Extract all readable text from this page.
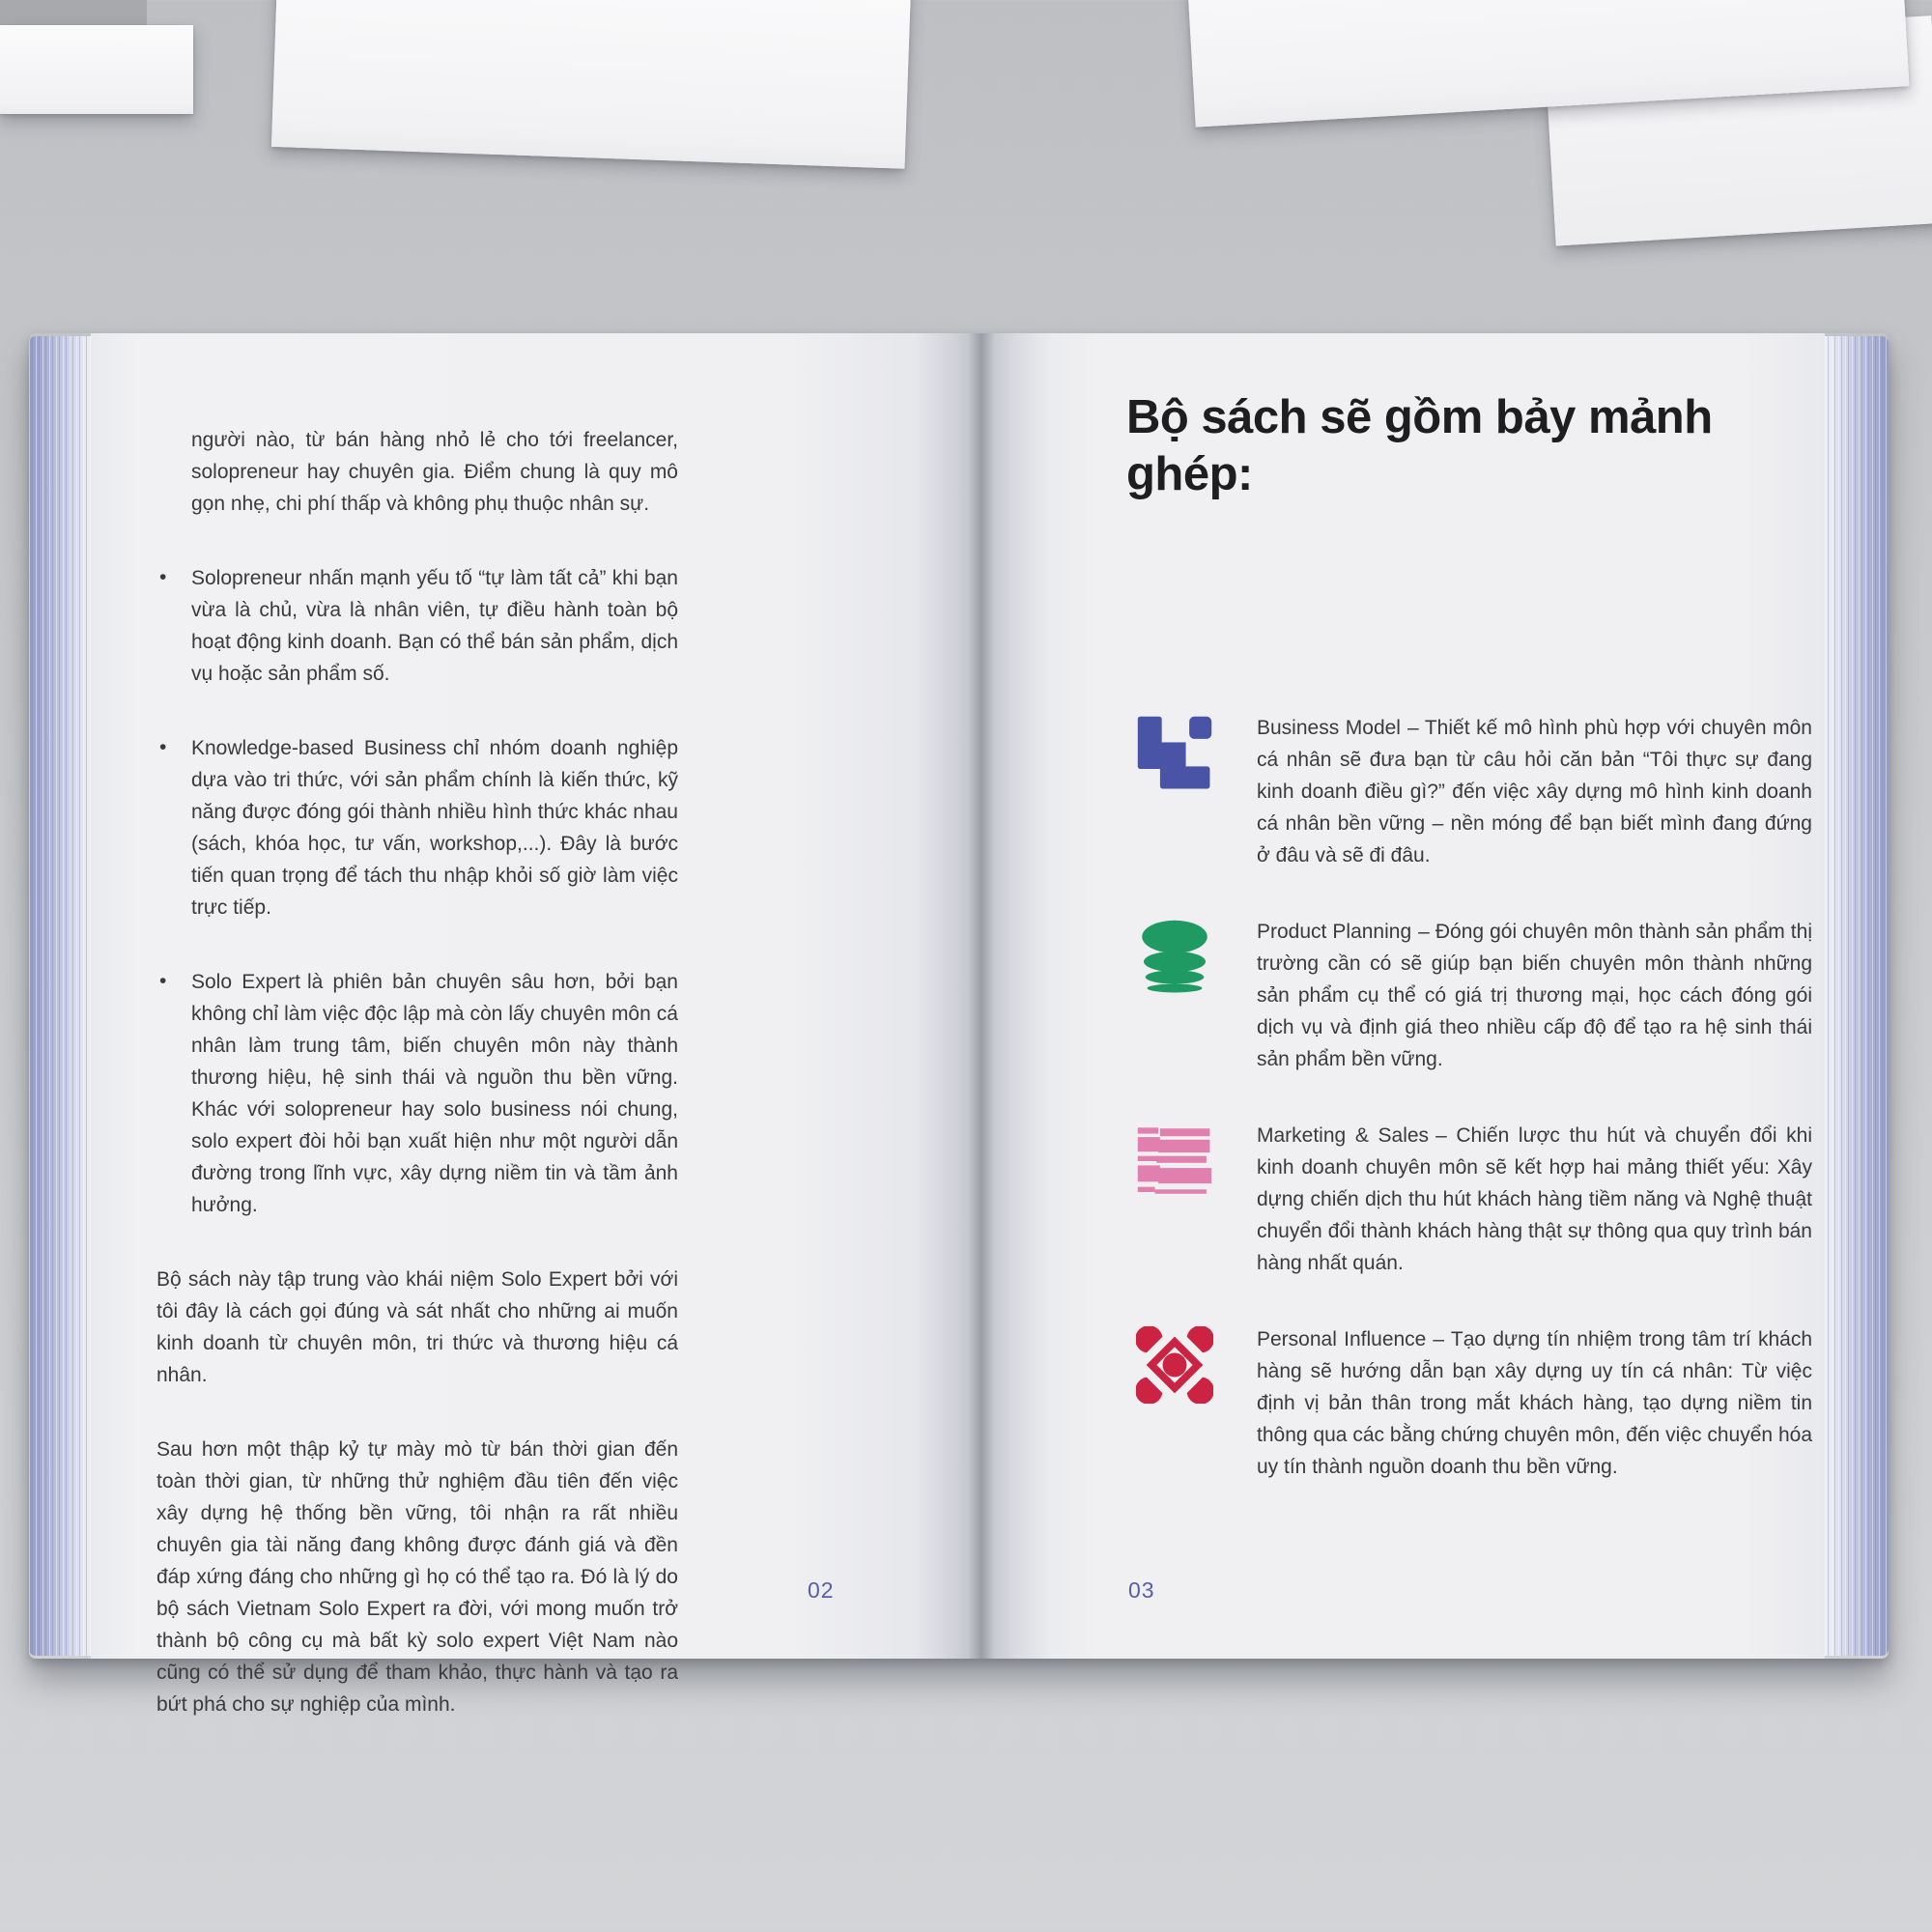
người nào, từ bán hàng nhỏ lẻ cho tới freelancer, solopreneur hay chuyên gia. Điểm chung là quy mô gọn nhẹ, chi phí thấp và không phụ thuộc nhân sự.

• Solopreneur nhấn mạnh yếu tố “tự làm tất cả” khi bạn vừa là chủ, vừa là nhân viên, tự điều hành toàn bộ hoạt động kinh doanh. Bạn có thể bán sản phẩm, dịch vụ hoặc sản phẩm số.

• Knowledge-based Business chỉ nhóm doanh nghiệp dựa vào tri thức, với sản phẩm chính là kiến thức, kỹ năng được đóng gói thành nhiều hình thức khác nhau (sách, khóa học, tư vấn, workshop,...). Đây là bước tiến quan trọng để tách thu nhập khỏi số giờ làm việc trực tiếp.

• Solo Expert là phiên bản chuyên sâu hơn, bởi bạn không chỉ làm việc độc lập mà còn lấy chuyên môn cá nhân làm trung tâm, biến chuyên môn này thành thương hiệu, hệ sinh thái và nguồn thu bền vững. Khác với solopreneur hay solo business nói chung, solo expert đòi hỏi bạn xuất hiện như một người dẫn đường trong lĩnh vực, xây dựng niềm tin và tầm ảnh hưởng.

Bộ sách này tập trung vào khái niệm Solo Expert bởi với tôi đây là cách gọi đúng và sát nhất cho những ai muốn kinh doanh từ chuyên môn, tri thức và thương hiệu cá nhân.

Sau hơn một thập kỷ tự mày mò từ bán thời gian đến toàn thời gian, từ những thử nghiệm đầu tiên đến việc xây dựng hệ thống bền vững, tôi nhận ra rất nhiều chuyên gia tài năng đang không được đánh giá và đền đáp xứng đáng cho những gì họ có thể tạo ra. Đó là lý do bộ sách Vietnam Solo Expert ra đời, với mong muốn trở thành bộ công cụ mà bất kỳ solo expert Việt Nam nào cũng có thể sử dụng để tham khảo, thực hành và tạo ra bứt phá cho sự nghiệp của mình.

02
Bộ sách sẽ gồm bảy mảnh ghép:

Business Model – Thiết kế mô hình phù hợp với chuyên môn cá nhân sẽ đưa bạn từ câu hỏi căn bản “Tôi thực sự đang kinh doanh điều gì?” đến việc xây dựng mô hình kinh doanh cá nhân bền vững – nền móng để bạn biết mình đang đứng ở đâu và sẽ đi đâu.

Product Planning – Đóng gói chuyên môn thành sản phẩm thị trường cần có sẽ giúp bạn biến chuyên môn thành những sản phẩm cụ thể có giá trị thương mại, học cách đóng gói dịch vụ và định giá theo nhiều cấp độ để tạo ra hệ sinh thái sản phẩm bền vững.

Marketing & Sales – Chiến lược thu hút và chuyển đổi khi kinh doanh chuyên môn sẽ kết hợp hai mảng thiết yếu: Xây dựng chiến dịch thu hút khách hàng tiềm năng và Nghệ thuật chuyển đổi thành khách hàng thật sự thông qua quy trình bán hàng nhất quán.

Personal Influence – Tạo dựng tín nhiệm trong tâm trí khách hàng sẽ hướng dẫn bạn xây dựng uy tín cá nhân: Từ việc định vị bản thân trong mắt khách hàng, tạo dựng niềm tin thông qua các bằng chứng chuyên môn, đến việc chuyển hóa uy tín thành nguồn doanh thu bền vững.

03
